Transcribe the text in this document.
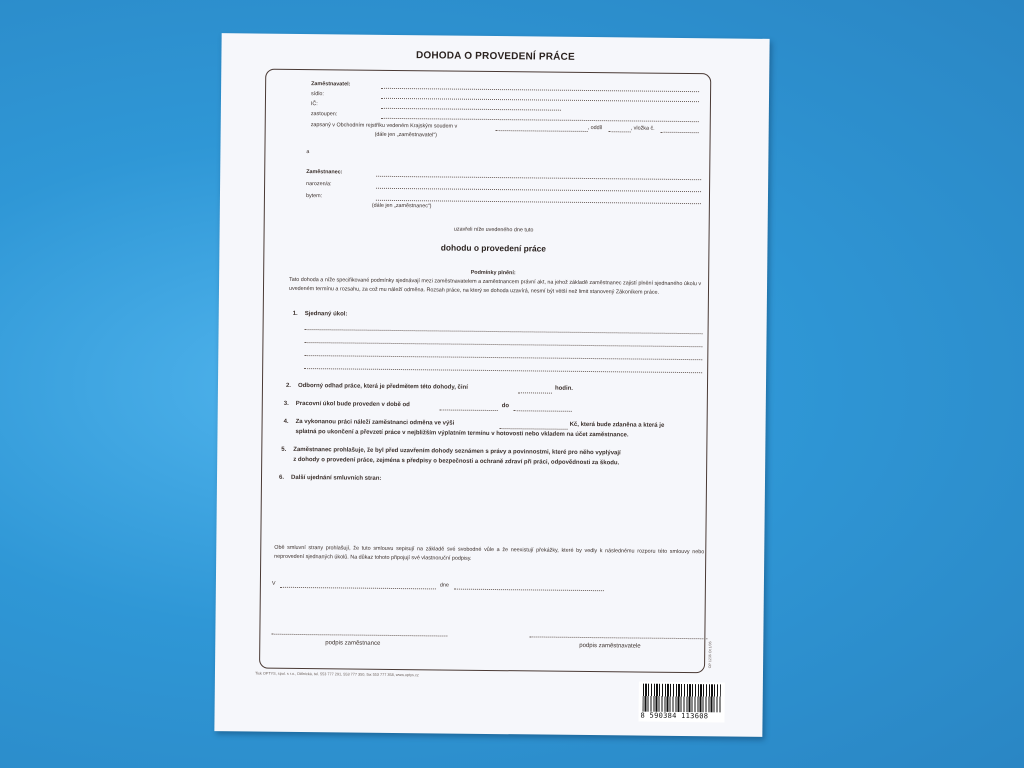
DOHODA O PROVEDENÍ PRÁCE
Zaměstnavatel:
sídlo:
IČ:
zastoupen:
zapsaný v Obchodním rejstříku vedeném Krajským soudem v	, oddíl	, vložka č.
(dále jen „zaměstnavatel“)
a
Zaměstnanec:
narozen/a:
bytem:
(dále jen „zaměstnanec“)
uzavřeli níže uvedeného dne tuto
dohodu o provedení práce
Podmínky plnění:
Tato dohoda a níže specifikované podmínky sjednávají mezi zaměstnavatelem a zaměstnancem právní akt, na jehož základě zaměstnanec zajistí plnění sjednaného úkolu v uvedeném termínu a rozsahu, za což mu náleží odměna. Rozsah práce, na který se dohoda uzavírá, nesmí být větší než limit stanovený Zákoníkem práce.
1. Sjednaný úkol:
2. Odborný odhad práce, která je předmětem této dohody, činí	hodin.
3. Pracovní úkol bude proveden v době od	do
4. Za vykonanou práci náleží zaměstnanci odměna ve výši	Kč, která bude zdaněna a která je
splatná po ukončení a převzetí práce v nejbližším výplatním termínu v hotovosti nebo vkladem na účet zaměstnance.
5. Zaměstnanec prohlašuje, že byl před uzavřením dohody seznámen s právy a povinnostmi, které pro něho vyplývají
z dohody o provedení práce, zejména s předpisy o bezpečnosti a ochraně zdraví při práci, odpovědnosti za škodu.
6. Další ujednání smluvních stran:
Obě smluvní strany prohlašují, že tuto smlouvu sepisují na základě své svobodné vůle a že neexistují překážky, které by vedly k následnému rozporu této smlouvy nebo neprovedení sjednaných úkolů. Na důkaz tohoto připojují své vlastnoruční podpisy.
V	dne
podpis zaměstnance	podpis zaměstnavatele	OP 1236 Ot 1/06
Tisk OPTYS, spol. s r.o., Dělnická, tel. 553 777 291, 553 777 350, fax 553 777 358, www.optys.cz
8 590384 113608
